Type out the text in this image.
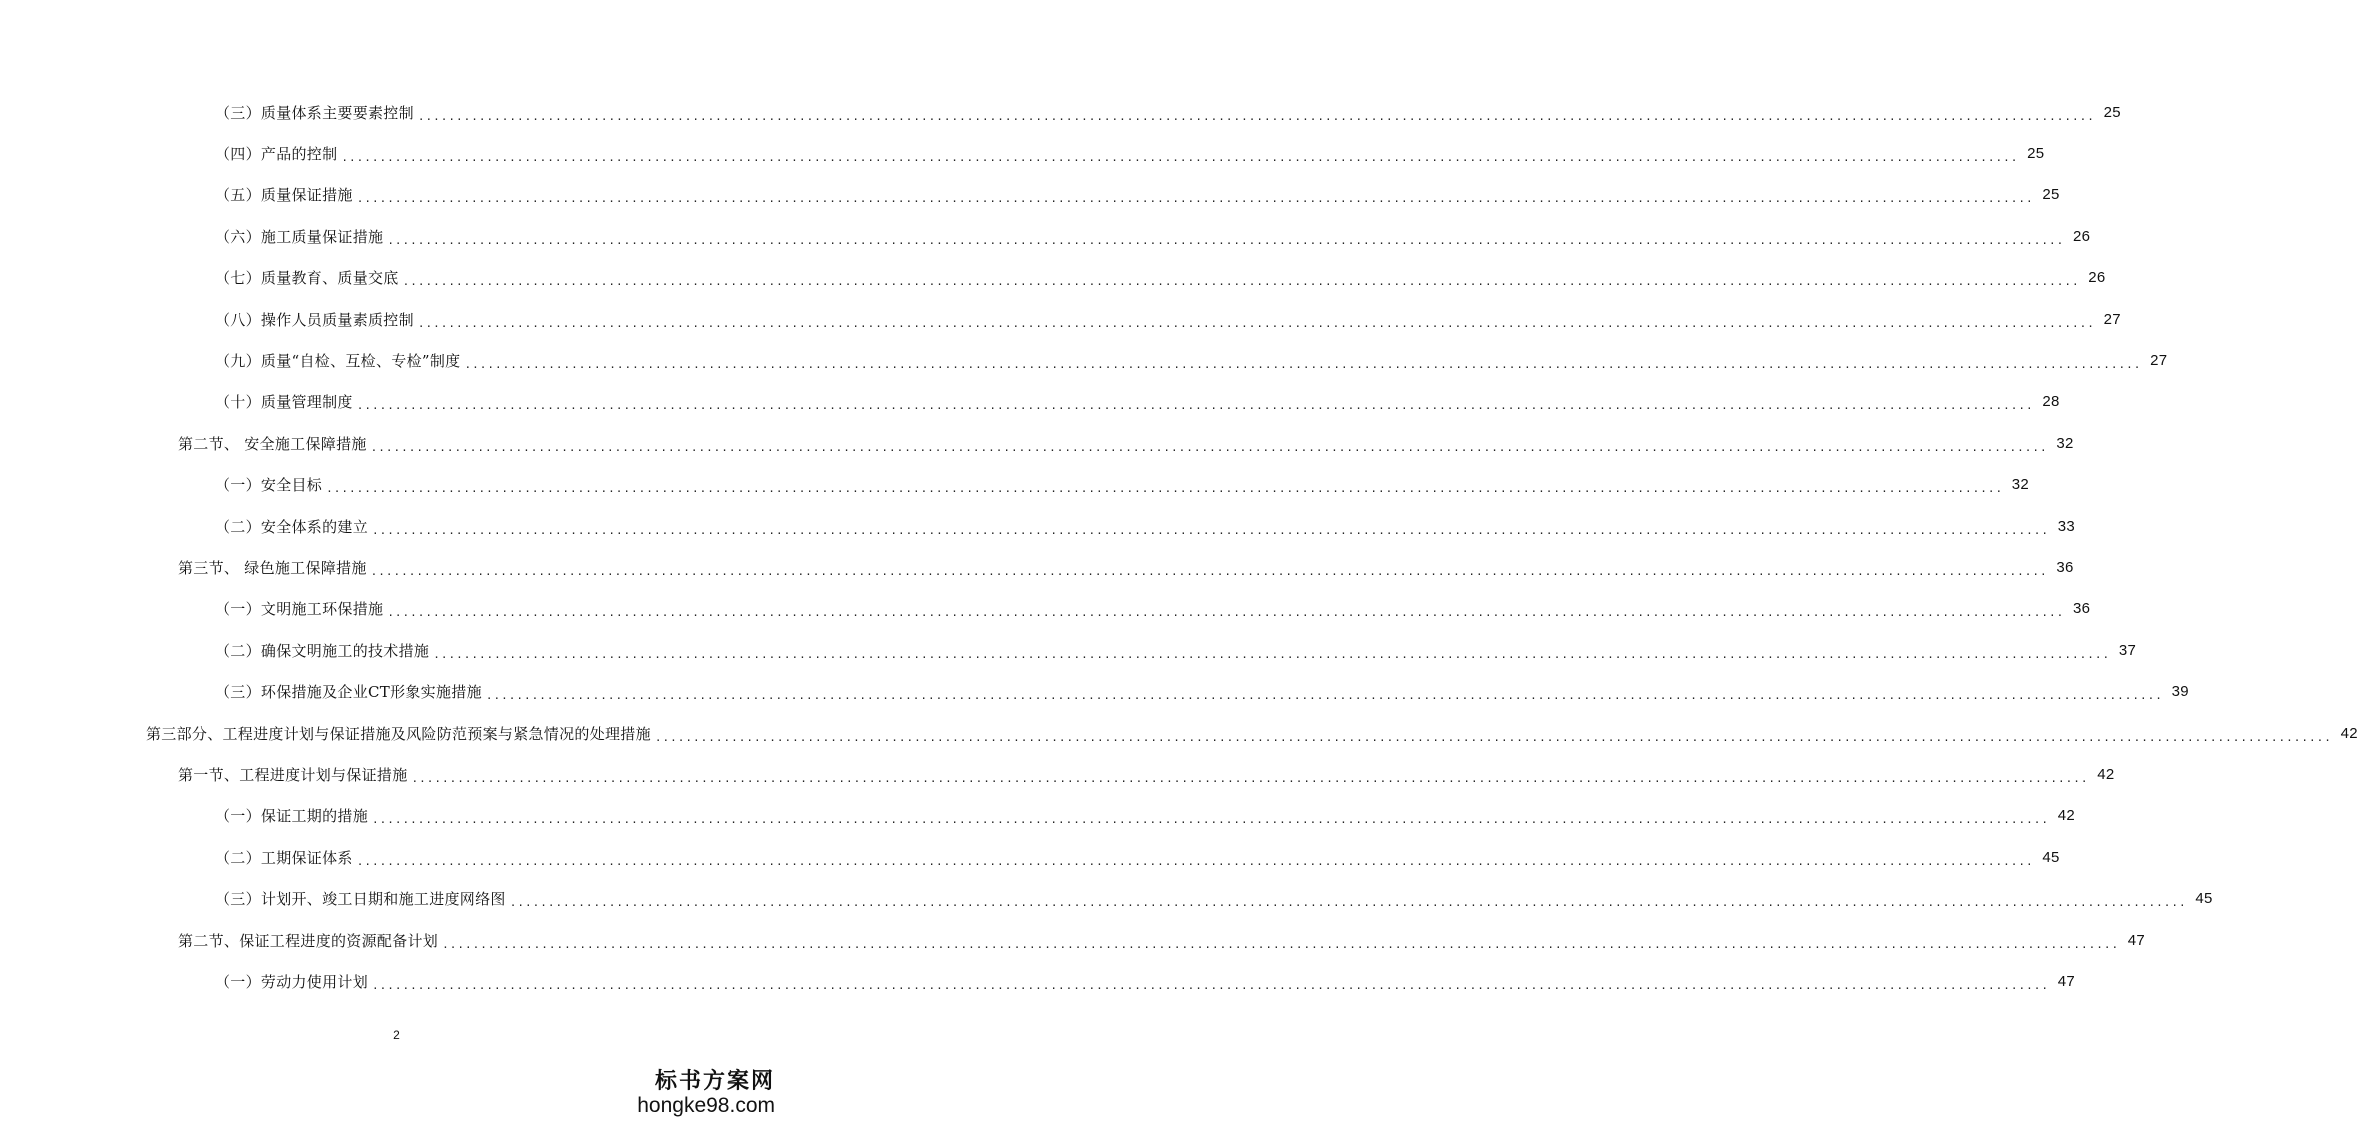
（三）质量体系主要要素控制 ............................................................................................................................................................................................................................ 25
（四）产品的控制 ............................................................................................................................................................................................................................ 25
（五）质量保证措施 ............................................................................................................................................................................................................................ 25
（六）施工质量保证措施 ............................................................................................................................................................................................................................ 26
（七）质量教育、质量交底 ............................................................................................................................................................................................................................ 26
（八）操作人员质量素质控制 ............................................................................................................................................................................................................................ 27
（九）质量“自检、互检、专检”制度 ............................................................................................................................................................................................................................ 27
（十）质量管理制度 ............................................................................................................................................................................................................................ 28
第二节、 安全施工保障措施 ............................................................................................................................................................................................................................ 32
（一）安全目标 ............................................................................................................................................................................................................................ 32
（二）安全体系的建立 ............................................................................................................................................................................................................................ 33
第三节、 绿色施工保障措施 ............................................................................................................................................................................................................................ 36
（一）文明施工环保措施 ............................................................................................................................................................................................................................ 36
（二）确保文明施工的技术措施 ............................................................................................................................................................................................................................ 37
（三）环保措施及企业CT形象实施措施 ............................................................................................................................................................................................................................ 39
第三部分、工程进度计划与保证措施及风险防范预案与紧急情况的处理措施 ............................................................................................................................................................................................................................ 42
第一节、工程进度计划与保证措施 ............................................................................................................................................................................................................................ 42
（一）保证工期的措施 ............................................................................................................................................................................................................................ 42
（二）工期保证体系 ............................................................................................................................................................................................................................ 45
（三）计划开、竣工日期和施工进度网络图 ............................................................................................................................................................................................................................ 45
第二节、保证工程进度的资源配备计划 ............................................................................................................................................................................................................................ 47
（一）劳动力使用计划 ............................................................................................................................................................................................................................ 47
2
标书方案网
hongke98.com
